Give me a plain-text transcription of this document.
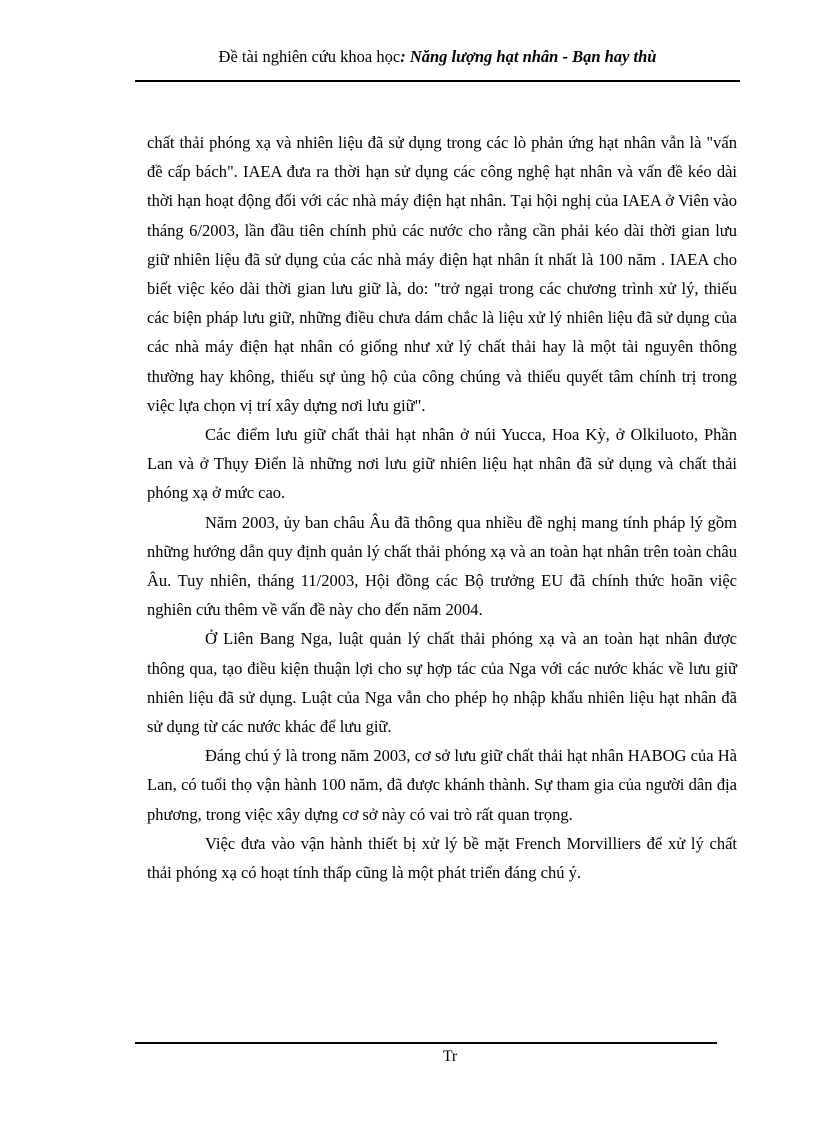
Đề tài nghiên cứu khoa học: Năng lượng hạt nhân - Bạn hay thù

chất thải phóng xạ và nhiên liệu đã sử dụng trong các lò phản ứng hạt nhân vẫn là "vấn đề cấp bách". IAEA đưa ra thời hạn sử dụng các công nghệ hạt nhân và vấn đề kéo dài thời hạn hoạt động đối với các nhà máy điện hạt nhân. Tại hội nghị của IAEA ở Viên vào tháng 6/2003, lần đầu tiên chính phủ các nước cho rằng cần phải kéo dài thời gian lưu giữ nhiên liệu đã sử dụng của các nhà máy điện hạt nhân ít nhất là 100 năm . IAEA cho biết việc kéo dài thời gian lưu giữ là, do: "trở ngại trong các chương trình xử lý, thiếu các biện pháp lưu giữ, những điều chưa dám chắc là liệu xử lý nhiên liệu đã sử dụng của các nhà máy điện hạt nhân có giống như xử lý chất thải hay là một tài nguyên thông thường hay không, thiếu sự ủng hộ của công chúng và thiếu quyết tâm chính trị trong việc lựa chọn vị trí xây dựng nơi lưu giữ".

Các điểm lưu giữ chất thải hạt nhân ở núi Yucca, Hoa Kỳ, ở Olkiluoto, Phần Lan và ở Thụy Điển là những nơi lưu giữ nhiên liệu hạt nhân đã sử dụng và chất thải phóng xạ ở mức cao.

Năm 2003, ủy ban châu Âu đã thông qua nhiều đề nghị mang tính pháp lý gồm những hướng dẫn quy định quản lý chất thải phóng xạ và an toàn hạt nhân trên toàn châu Âu. Tuy nhiên, tháng 11/2003, Hội đồng các Bộ trưởng EU đã chính thức hoãn việc nghiên cứu thêm về vấn đề này cho đến năm 2004.

Ở Liên Bang Nga, luật quản lý chất thải phóng xạ và an toàn hạt nhân được thông qua, tạo điều kiện thuận lợi cho sự hợp tác của Nga với các nước khác về lưu giữ nhiên liệu đã sử dụng. Luật của Nga vẫn cho phép họ nhập khẩu nhiên liệu hạt nhân đã sử dụng từ các nước khác để lưu giữ.

Đáng chú ý là trong năm 2003, cơ sở lưu giữ chất thải hạt nhân HABOG của Hà Lan, có tuổi thọ vận hành 100 năm, đã được khánh thành. Sự tham gia của người dân địa phương, trong việc xây dựng cơ sở này có vai trò rất quan trọng.

Việc đưa vào vận hành thiết bị xử lý bề mặt French Morvilliers để xử lý chất thải phóng xạ có hoạt tính thấp cũng là một phát triển đáng chú ý.

Tr
